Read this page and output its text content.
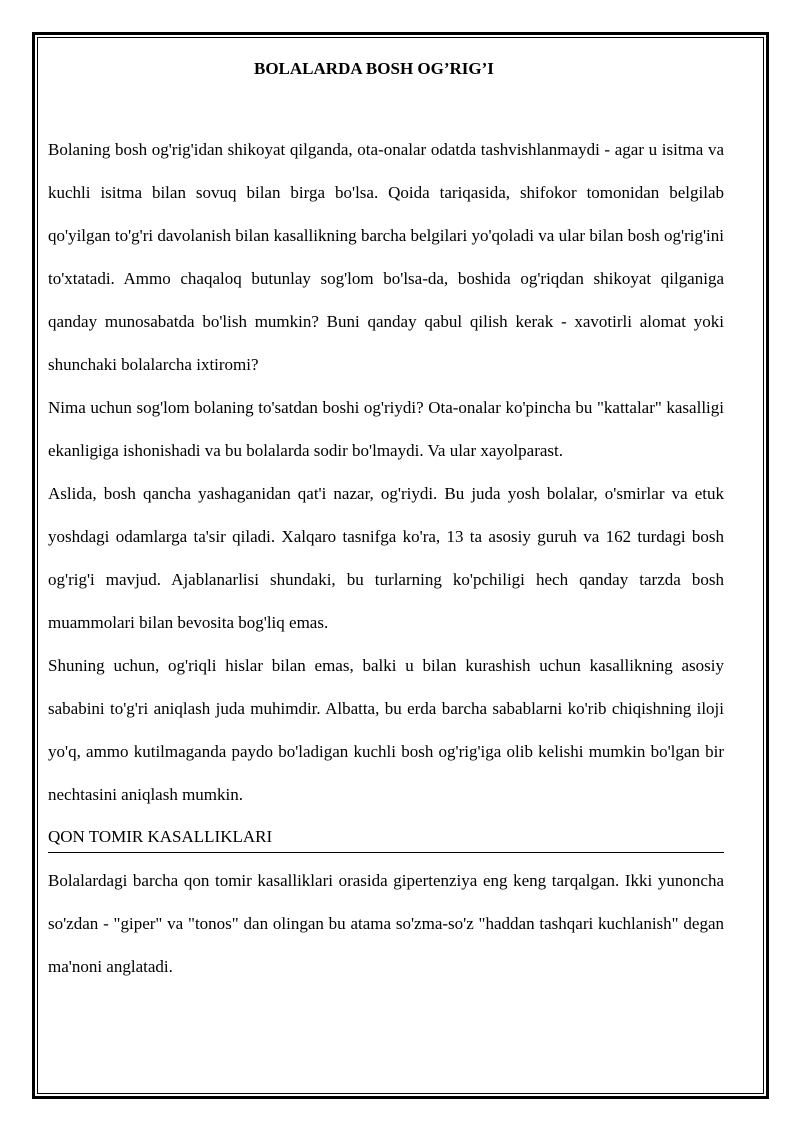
BOLALARDA BOSH OG’RIG’I

Bolaning bosh og'rig'idan shikoyat qilganda, ota-onalar odatda tashvishlanmaydi - agar u isitma va kuchli isitma bilan sovuq bilan birga bo'lsa. Qoida tariqasida, shifokor tomonidan belgilab qo'yilgan to'g'ri davolanish bilan kasallikning barcha belgilari yo'qoladi va ular bilan bosh og'rig'ini to'xtatadi. Ammo chaqaloq butunlay sog'lom bo'lsa-da, boshida og'riqdan shikoyat qilganiga qanday munosabatda bo'lish mumkin? Buni qanday qabul qilish kerak - xavotirli alomat yoki shunchaki bolalarcha ixtiromi?

Nima uchun sog'lom bolaning to'satdan boshi og'riydi? Ota-onalar ko'pincha bu "kattalar" kasalligi ekanligiga ishonishadi va bu bolalarda sodir bo'lmaydi. Va ular xayolparast.

Aslida, bosh qancha yashaganidan qat'i nazar, og'riydi. Bu juda yosh bolalar, o'smirlar va etuk yoshdagi odamlarga ta'sir qiladi. Xalqaro tasnifga ko'ra, 13 ta asosiy guruh va 162 turdagi bosh og'rig'i mavjud. Ajablanarlisi shundaki, bu turlarning ko'pchiligi hech qanday tarzda bosh muammolari bilan bevosita bog'liq emas.

Shuning uchun, og'riqli hislar bilan emas, balki u bilan kurashish uchun kasallikning asosiy sababini to'g'ri aniqlash juda muhimdir. Albatta, bu erda barcha sabablarni ko'rib chiqishning iloji yo'q, ammo kutilmaganda paydo bo'ladigan kuchli bosh og'rig'iga olib kelishi mumkin bo'lgan bir nechtasini aniqlash mumkin.

QON TOMIR KASALLIKLARI

Bolalardagi barcha qon tomir kasalliklari orasida gipertenziya eng keng tarqalgan. Ikki yunoncha so'zdan - "giper" va "tonos" dan olingan bu atama so'zma-so'z "haddan tashqari kuchlanish" degan ma'noni anglatadi.
